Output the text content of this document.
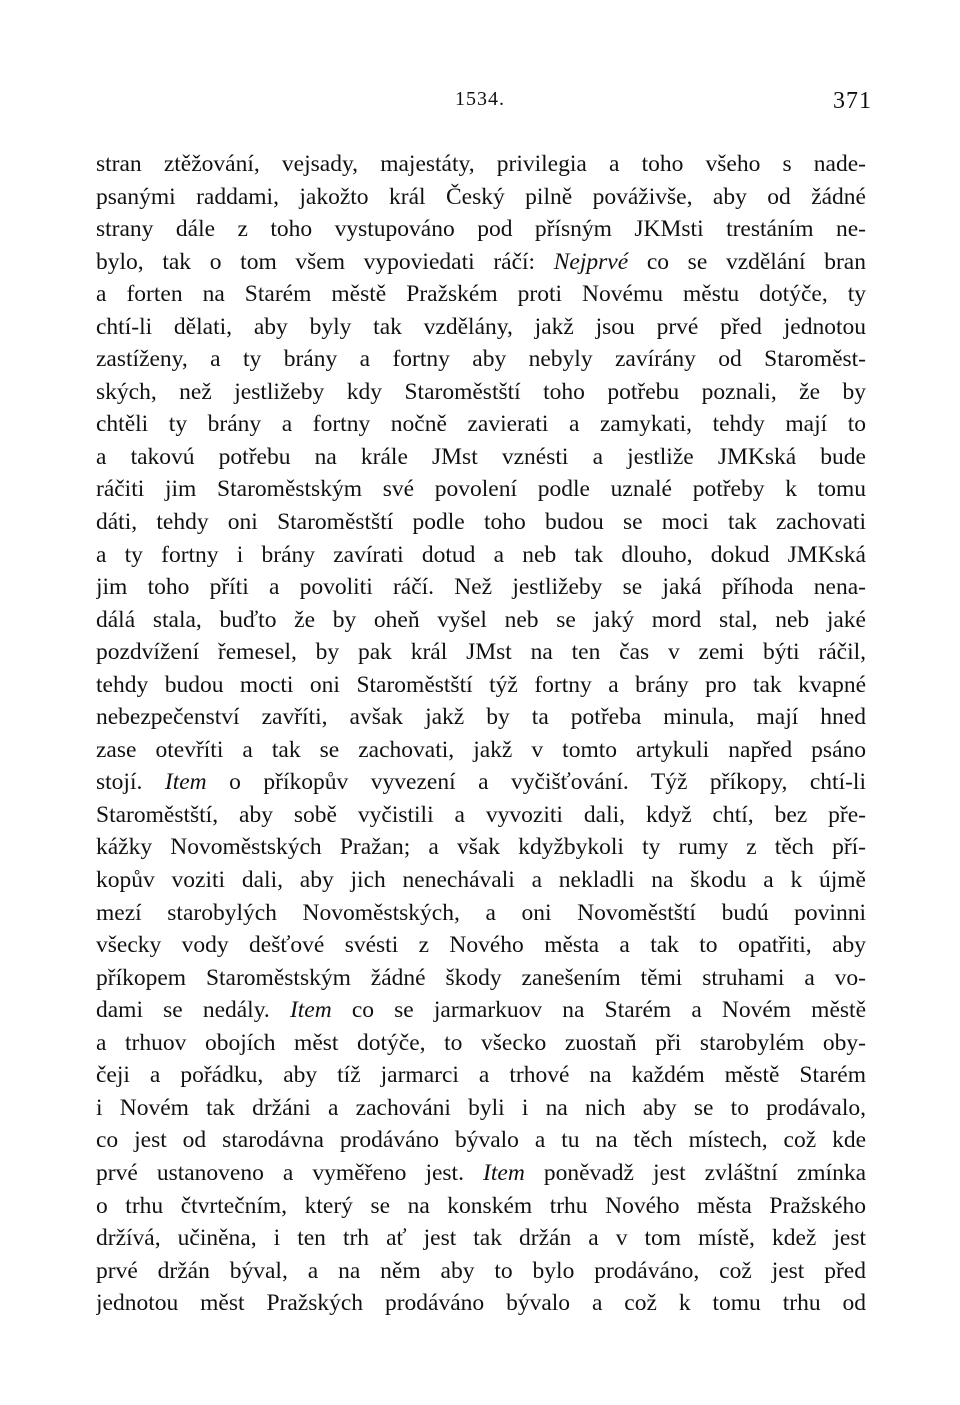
1534.	371
stran ztěžování, vejsady, majestáty, privilegia a toho všeho s nade-
psanými raddami, jakožto král Český pilně pováživše, aby od žádné
strany dále z toho vystupováno pod přísným JKMsti trestáním ne-
bylo, tak o tom všem vypoviedati ráčí: Nejprvé co se vzdělání bran
a forten na Starém městě Pražském proti Novému městu dotýče, ty
chtí-li dělati, aby byly tak vzdělány, jakž jsou prvé před jednotou
zastíženy, a ty brány a fortny aby nebyly zavírány od Staroměst-
ských, než jestližeby kdy Staroměstští toho potřebu poznali, že by
chtěli ty brány a fortny nočně zavierati a zamykati, tehdy mají to
a takovú potřebu na krále JMst vznésti a jestliže JMKská bude
ráčiti jim Staroměstským své povolení podle uznalé potřeby k tomu
dáti, tehdy oni Staroměstští podle toho budou se moci tak zachovati
a ty fortny i brány zavírati dotud a neb tak dlouho, dokud JMKská
jim toho příti a povoliti ráčí. Než jestližeby se jaká příhoda nena-
dálá stala, buďto že by oheň vyšel neb se jaký mord stal, neb jaké
pozdvížení řemesel, by pak král JMst na ten čas v zemi býti ráčil,
tehdy budou mocti oni Staroměstští týž fortny a brány pro tak kvapné
nebezpečenství zavříti, avšak jakž by ta potřeba minula, mají hned
zase otevříti a tak se zachovati, jakž v tomto artykuli napřed psáno
stojí. Item o příkopův vyvezení a vyčišťování. Týž příkopy, chtí-li
Staroměstští, aby sobě vyčistili a vyvoziti dali, když chtí, bez pře-
kážky Novoměstských Pražan; a však kdyžbykoli ty rumy z těch pří-
kopův voziti dali, aby jich nenechávali a nekladli na škodu a k újmě
mezí starobylých Novoměstských, a oni Novoměstští budú povinni
všecky vody dešťové svésti z Nového města a tak to opatřiti, aby
příkopem Staroměstským žádné škody zanešením těmi struhami a vo-
dami se nedály. Item co se jarmarkuov na Starém a Novém městě
a trhuov obojích měst dotýče, to všecko zuostaň při starobylém oby-
čeji a pořádku, aby tíž jarmarci a trhové na každém městě Starém
i Novém tak držáni a zachováni byli i na nich aby se to prodávalo,
co jest od starodávna prodáváno bývalo a tu na těch místech, což kde
prvé ustanoveno a vyměřeno jest. Item poněvadž jest zvláštní zmínka
o trhu čtvrtečním, který se na konském trhu Nového města Pražského
držívá, učiněna, i ten trh ať jest tak držán a v tom místě, kdež jest
prvé držán býval, a na něm aby to bylo prodáváno, což jest před
jednotou měst Pražských prodáváno bývalo a což k tomu trhu od
